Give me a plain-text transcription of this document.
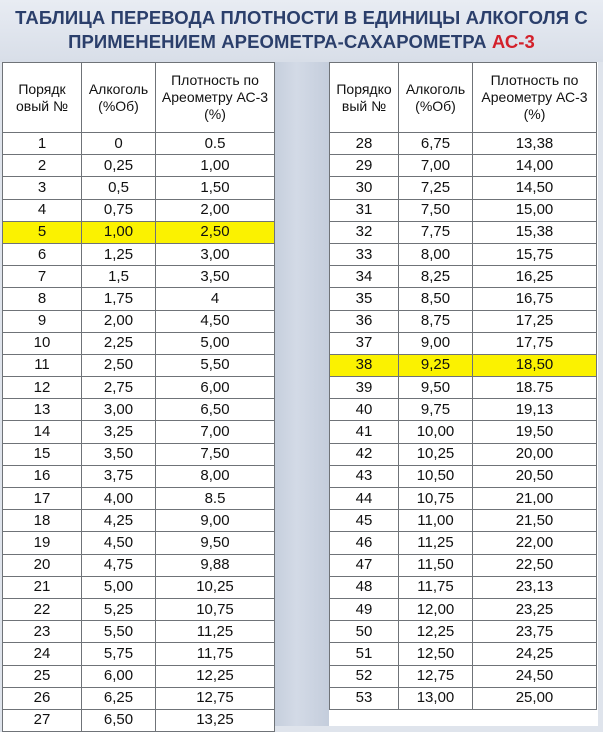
ТАБЛИЦА ПЕРЕВОДА ПЛОТНОСТИ В ЕДИНИЦЫ АЛКОГОЛЯ С
ПРИМЕНЕНИЕМ АРЕОМЕТРА-САХАРОМЕТРА АС-3
Порядк овый №	Алкоголь (%Об)	Плотность по Ареометру АС-3 (%)
1	0	0.5
2	0,25	1,00
3	0,5	1,50
4	0,75	2,00
5	1,00	2,50
6	1,25	3,00
7	1,5	3,50
8	1,75	4
9	2,00	4,50
10	2,25	5,00
11	2,50	5,50
12	2,75	6,00
13	3,00	6,50
14	3,25	7,00
15	3,50	7,50
16	3,75	8,00
17	4,00	8.5
18	4,25	9,00
19	4,50	9,50
20	4,75	9,88
21	5,00	10,25
22	5,25	10,75
23	5,50	11,25
24	5,75	11,75
25	6,00	12,25
26	6,25	12,75
27	6,50	13,25
Порядко вый №	Алкоголь (%Об)	Плотность по Ареометру АС-3 (%)
28	6,75	13,38
29	7,00	14,00
30	7,25	14,50
31	7,50	15,00
32	7,75	15,38
33	8,00	15,75
34	8,25	16,25
35	8,50	16,75
36	8,75	17,25
37	9,00	17,75
38	9,25	18,50
39	9,50	18.75
40	9,75	19,13
41	10,00	19,50
42	10,25	20,00
43	10,50	20,50
44	10,75	21,00
45	11,00	21,50
46	11,25	22,00
47	11,50	22,50
48	11,75	23,13
49	12,00	23,25
50	12,25	23,75
51	12,50	24,25
52	12,75	24,50
53	13,00	25,00
